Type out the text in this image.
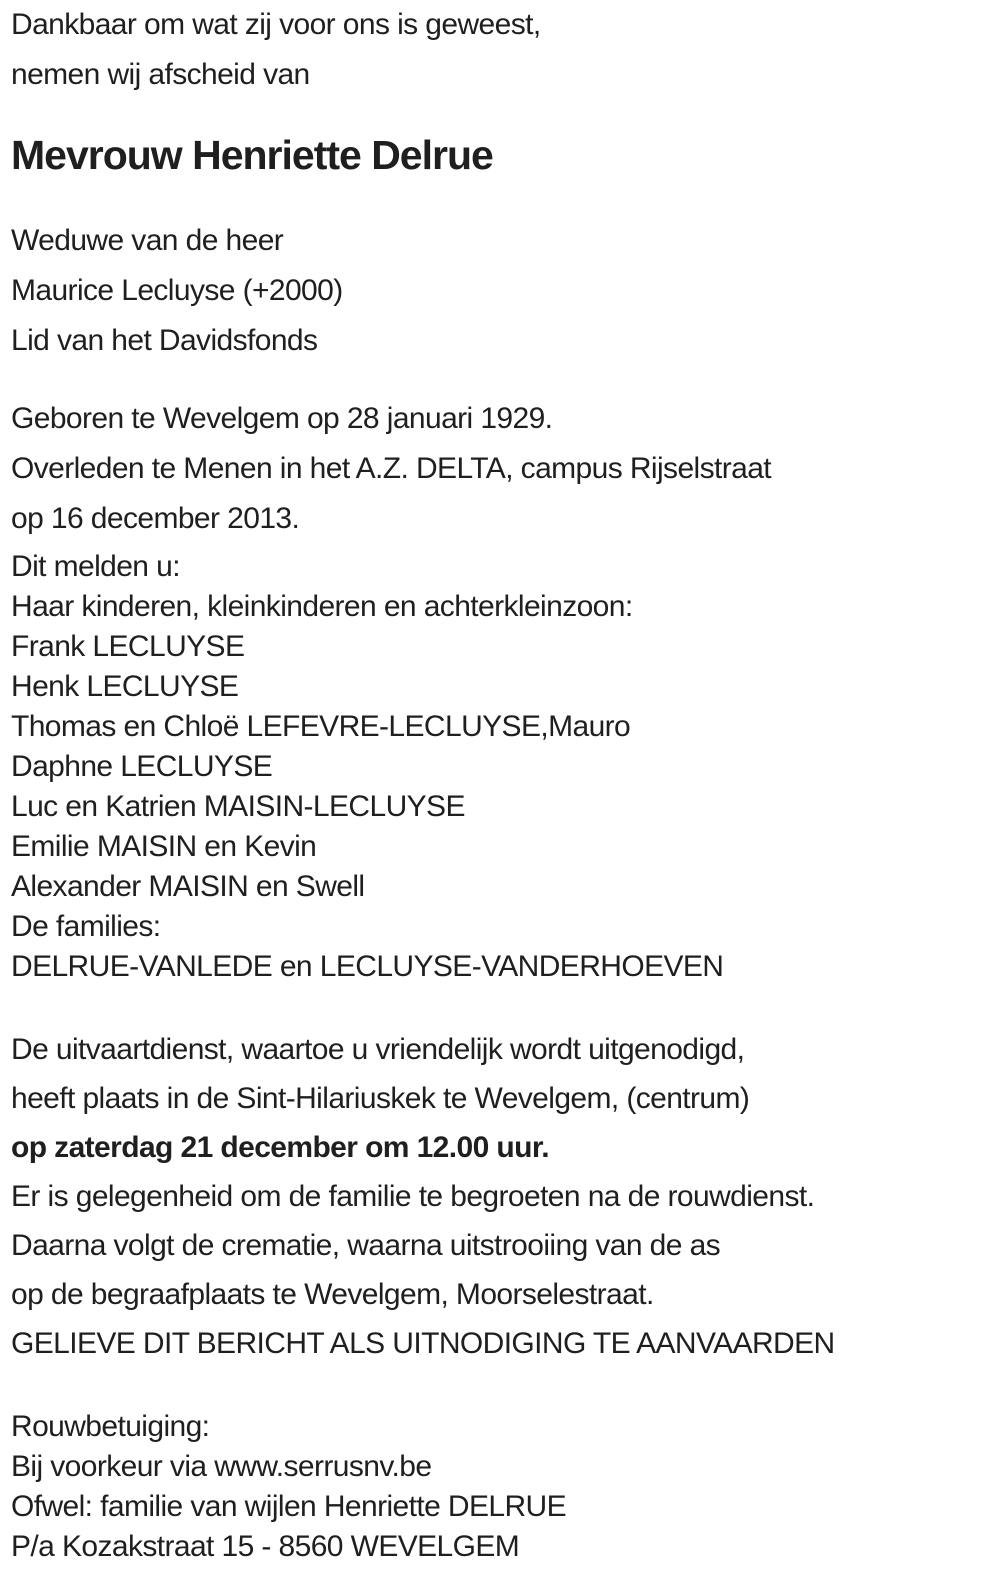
Dankbaar om wat zij voor ons is geweest,

nemen wij afscheid van

Mevrouw Henriette Delrue

Weduwe van de heer

Maurice Lecluyse (+2000)

Lid van het Davidsfonds

Geboren te Wevelgem op 28 januari 1929.

Overleden te Menen in het A.Z. DELTA, campus Rijselstraat

op 16 december 2013.

Dit melden u:

Haar kinderen, kleinkinderen en achterkleinzoon:

Frank LECLUYSE

Henk LECLUYSE

Thomas en Chloë LEFEVRE-LECLUYSE,Mauro

Daphne LECLUYSE

Luc en Katrien MAISIN-LECLUYSE

Emilie MAISIN en Kevin

Alexander MAISIN en Swell

De families:

DELRUE-VANLEDE en LECLUYSE-VANDERHOEVEN

De uitvaartdienst, waartoe u vriendelijk wordt uitgenodigd,

heeft plaats in de Sint-Hilariuskek te Wevelgem, (centrum)

op zaterdag 21 december om 12.00 uur.

Er is gelegenheid om de familie te begroeten na de rouwdienst.

Daarna volgt de crematie, waarna uitstrooiing van de as

op de begraafplaats te Wevelgem, Moorselestraat.

GELIEVE DIT BERICHT ALS UITNODIGING TE AANVAARDEN

Rouwbetuiging:

Bij voorkeur via www.serrusnv.be

Ofwel: familie van wijlen Henriette DELRUE

P/a Kozakstraat 15 - 8560 WEVELGEM
